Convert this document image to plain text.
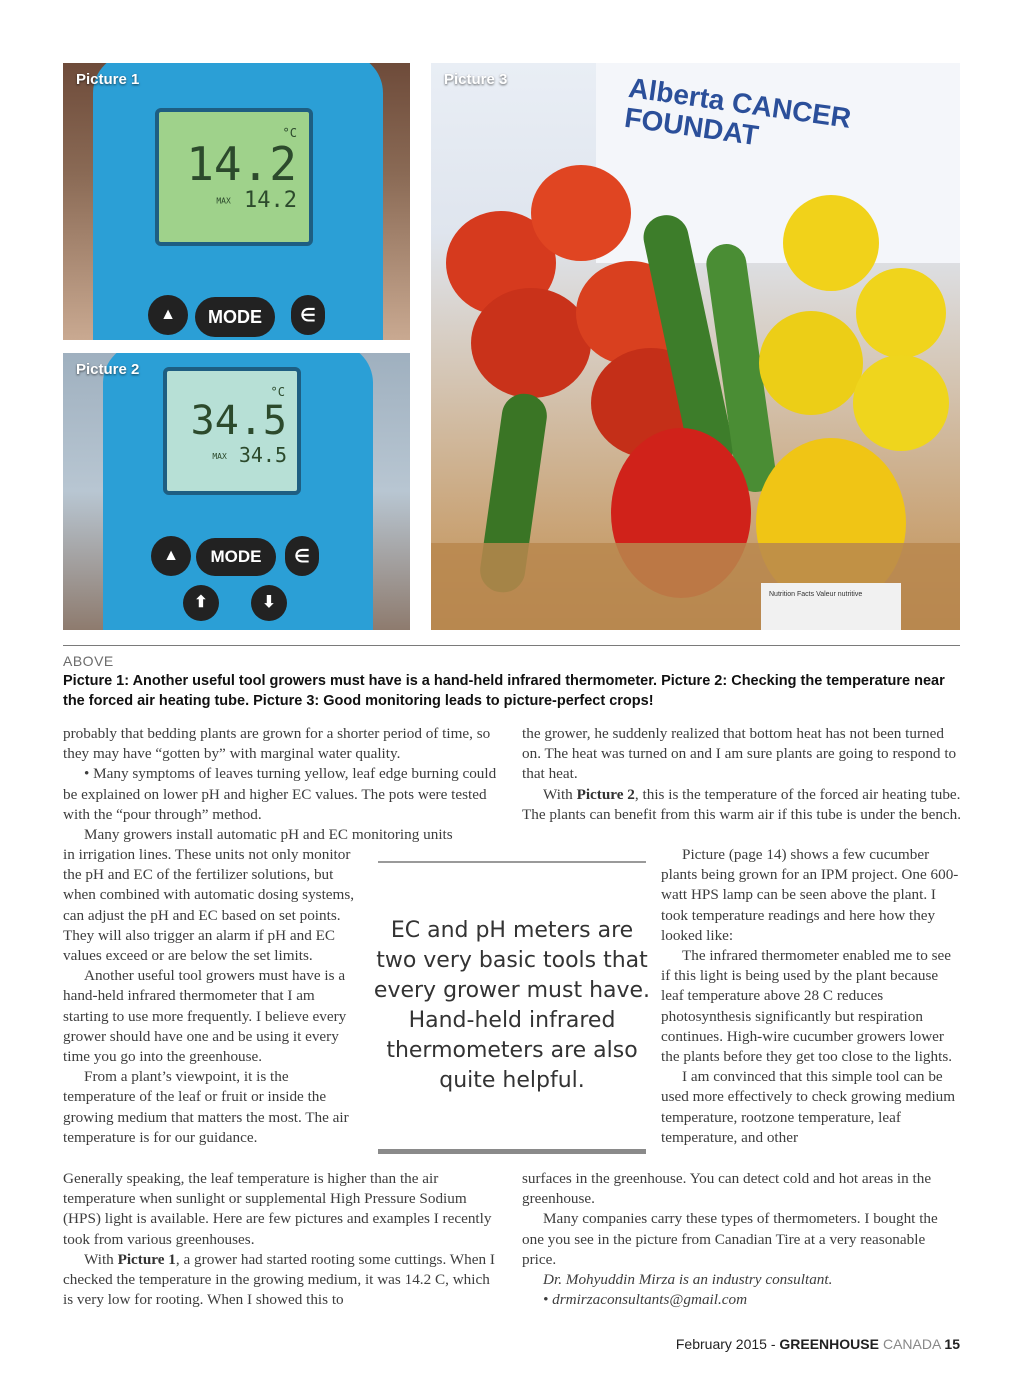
°C
14.2
MAX 14.2
▲	MODE	∈
Picture 1
°C
34.5
MAX 34.5
▲	MODE	∈
⬆	⬇
Picture 2
Alberta CANCER FOUNDAT
Nutrition Facts Valeur nutritive
Picture 3
ABOVE
Picture 1: Another useful tool growers must have is a hand-held infrared thermometer. Picture 2: Checking the temperature near the forced air heating tube. Picture 3: Good monitoring leads to picture-perfect crops!

probably that bedding plants are grown for a shorter period of time, so they may have “gotten by” with marginal water quality.

• Many symptoms of leaves turning yellow, leaf edge burning could be explained on lower pH and higher EC values. The pots were tested with the “pour through” method.

Many growers install automatic pH and EC monitoring units

in irrigation lines. These units not only monitor the pH and EC of the fertilizer solutions, but when combined with automatic dosing systems, can adjust the pH and EC based on set points. They will also trigger an alarm if pH and EC values exceed or are below the set limits.

Another useful tool growers must have is a hand-held infrared thermometer that I am starting to use more frequently. I believe every grower should have one and be using it every time you go into the greenhouse.

From a plant’s viewpoint, it is the temperature of the leaf or fruit or inside the growing medium that matters the most. The air temperature is for our guidance.

Generally speaking, the leaf temperature is higher than the air temperature when sunlight or supplemental High Pressure Sodium (HPS) light is available. Here are few pictures and examples I recently took from various greenhouses.

With Picture 1, a grower had started rooting some cuttings. When I checked the temperature in the growing medium, it was 14.2 C, which is very low for rooting. When I showed this to

the grower, he suddenly realized that bottom heat has not been turned on. The heat was turned on and I am sure plants are going to respond to that heat.

With Picture 2, this is the temperature of the forced air heating tube. The plants can benefit from this warm air if this tube is under the bench.

Picture (page 14) shows a few cucumber plants being grown for an IPM project. One 600-watt HPS lamp can be seen above the plant. I took temperature readings and here how they looked like:

The infrared thermometer enabled me to see if this light is being used by the plant because leaf temperature above 28 C reduces photosynthesis significantly but respiration continues. High-wire cucumber growers lower the plants before they get too close to the lights.

I am convinced that this simple tool can be used more effectively to check growing medium temperature, rootzone temperature, leaf temperature, and other

surfaces in the greenhouse. You can detect cold and hot areas in the greenhouse.

Many companies carry these types of thermometers. I bought the one you see in the picture from Canadian Tire at a very reasonable price.

Dr. Mohyuddin Mirza is an industry consultant.

• drmirzaconsultants@gmail.com

EC and pH meters are two very basic tools that every grower must have. Hand-held infrared thermometers are also quite helpful.
February 2015 - GREENHOUSE CANADA 15
